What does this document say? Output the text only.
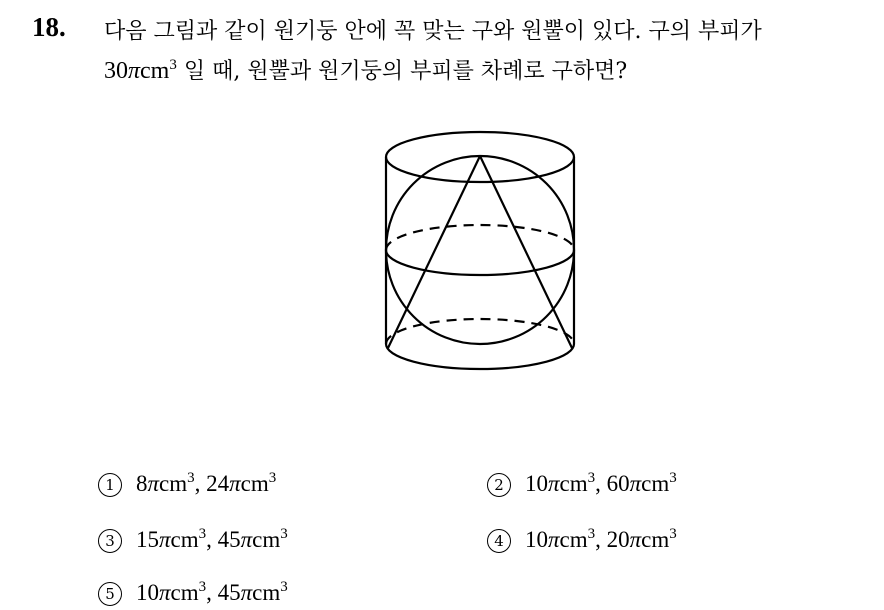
18. 다음 그림과 같이 원기둥 안에 꼭 맞는 구와 원뿔이 있다. 구의 부피가
30πcm$^3$ 일 때, 원뿔과 원기둥의 부피를 차례로 구하면?
1 8πcm$^3$ , 24πcm$^3$	2 10πcm$^3$ , 60πcm$^3$
3 15πcm$^3$ , 45πcm$^3$	4 10πcm$^3$ , 20πcm$^3$
5 10πcm$^3$ , 45πcm$^3$
